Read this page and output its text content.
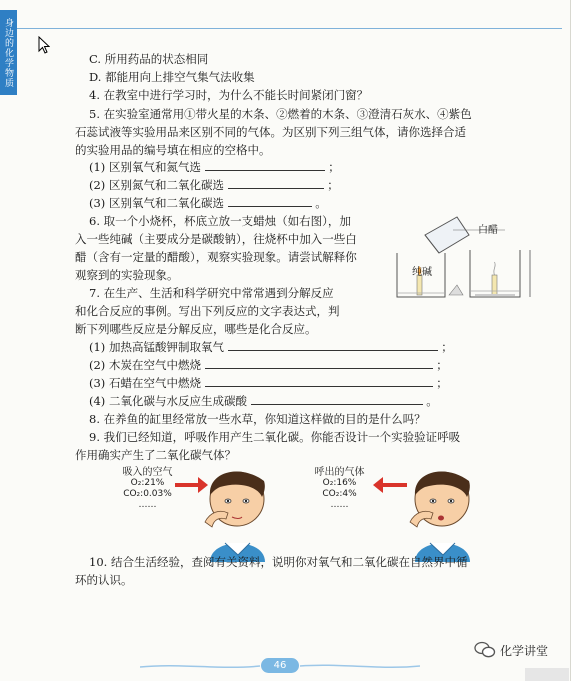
身边的化学物质	C. 所用药品的状态相同
D. 都能用向上排空气集气法收集
4. 在教室中进行学习时，为什么不能长时间紧闭门窗？
5. 在实验室通常用①带火星的木条、②燃着的木条、③澄清石灰水、④紫色
石蕊试液等实验用品来区别不同的气体。为区别下列三组气体，请你选择合适
的实验用品的编号填在相应的空格中。
(1) 区别氧气和氮气选	；
(2) 区别氮气和二氧化碳选	；
(3) 区别氧气和二氧化碳选	。
6. 取一个小烧杯，杯底立放一支蜡烛（如右图），加
入一些纯碱（主要成分是碳酸钠），往烧杯中加入一些白
醋（含有一定量的醋酸），观察实验现象。请尝试解释你
观察到的实验现象。
白醋
纯碱
7. 在生产、生活和科学研究中常常遇到分解反应
和化合反应的事例。写出下列反应的文字表达式，判
断下列哪些反应是分解反应，哪些是化合反应。
(1) 加热高锰酸钾制取氧气	；
(2) 木炭在空气中燃烧	；
(3) 石蜡在空气中燃烧	；
(4) 二氧化碳与水反应生成碳酸	。
8. 在养鱼的缸里经常放一些水草，你知道这样做的目的是什么吗？
9. 我们已经知道，呼吸作用产生二氧化碳。你能否设计一个实验验证呼吸
作用确实产生了二氧化碳气体？
吸入的空气
O₂:21%
CO₂:0.03%
……
呼出的气体
O₂:16%
CO₂:4%
……
10. 结合生活经验，查阅有关资料，说明你对氧气和二氧化碳在自然界中循
环的认识。
46
化学讲堂
